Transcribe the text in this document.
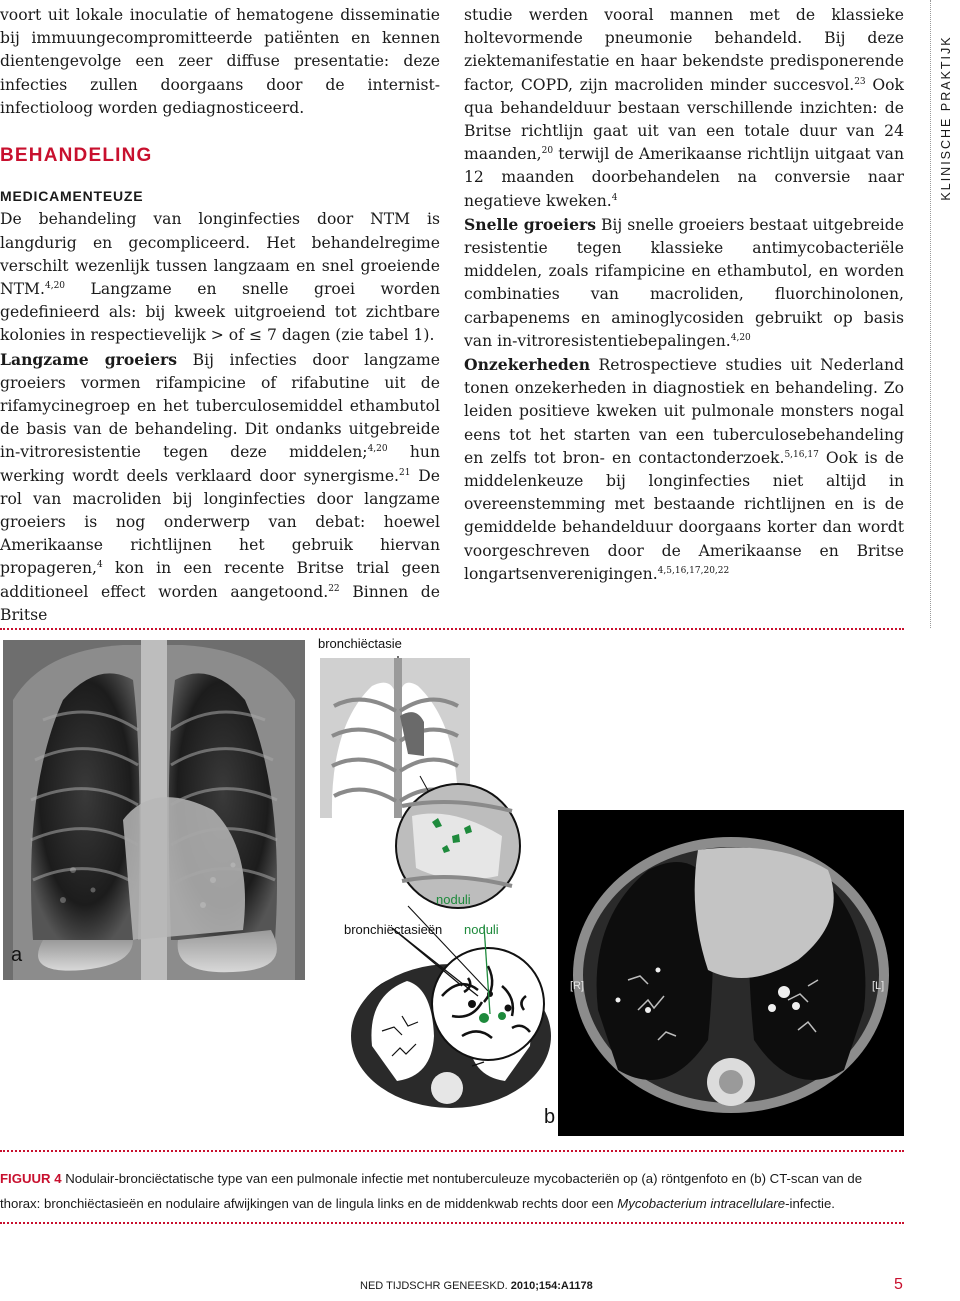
voort uit lokale inoculatie of hematogene disseminatie bij immuungecompromitteerde patiënten en kennen dientengevolge een zeer diffuse presentatie: deze infecties zullen doorgaans door de internist-infectioloog worden gediagnosticeerd.

BEHANDELING

MEDICAMENTEUZE

De behandeling van longinfecties door NTM is langdurig en gecompliceerd. Het behandelregime verschilt wezenlijk tussen langzaam en snel groeiende NTM.$^{4,20}$ Langzame en snelle groei worden gedefinieerd als: bij kweek uitgroeiend tot zichtbare kolonies in respectievelijk > of ≤ 7 dagen (zie tabel 1).

Langzame groeiers Bij infecties door langzame groeiers vormen rifampicine of rifabutine uit de rifamycinegroep en het tuberculosemiddel ethambutol de basis van de behandeling. Dit ondanks uitgebreide in-vitroresistentie tegen deze middelen;$^{4,20}$ hun werking wordt deels verklaard door synergisme.$^{21}$ De rol van macroliden bij longinfecties door langzame groeiers is nog onderwerp van debat: hoewel Amerikaanse richtlijnen het gebruik hiervan propageren,$^4$ kon in een recente Britse trial geen additioneel effect worden aangetoond.$^{22}$ Binnen de Britse

studie werden vooral mannen met de klassieke holtevormende pneumonie behandeld. Bij deze ziektemanifestatie en haar bekendste predisponerende factor, COPD, zijn macroliden minder succesvol.$^{23}$ Ook qua behandelduur bestaan verschillende inzichten: de Britse richtlijn gaat uit van een totale duur van 24 maanden,$^{20}$ terwijl de Amerikaanse richtlijn uitgaat van 12 maanden doorbehandelen na conversie naar negatieve kweken.$^4$

Snelle groeiers Bij snelle groeiers bestaat uitgebreide resistentie tegen klassieke antimycobacteriële middelen, zoals rifampicine en ethambutol, en worden combinaties van macroliden, fluorchinolonen, carbapenems en aminoglycosiden gebruikt op basis van in-vitroresistentiebepalingen.$^{4,20}$

Onzekerheden Retrospectieve studies uit Nederland tonen onzekerheden in diagnostiek en behandeling. Zo leiden positieve kweken uit pulmonale monsters nogal eens tot het starten van een tuberculosebehandeling en zelfs tot bron- en contactonderzoek.$^{5,16,17}$ Ook is de middelenkeuze bij longinfecties niet altijd in overeenstemming met bestaande richtlijnen en is de gemiddelde behandelduur doorgaans korter dan wordt voorgeschreven door de Amerikaanse en Britse longartsenverenigingen.$^{4,5,16,17,20,22}$

KLINISCHE PRAKTIJK
a
bronchiëctasie
noduli
bronchiëctasieën noduli
[R]	[L]
b
FIGUUR 4 Nodulair-bronciëctatische type van een pulmonale infectie met nontuberculeuze mycobacteriën op (a) röntgenfoto en (b) CT-scan van de thorax: bronchiëctasieën en nodulaire afwijkingen van de lingula links en de middenkwab rechts door een Mycobacterium intracellulare-infectie.
NED TIJDSCHR GENEESKD. 2010;154:A1178	5
